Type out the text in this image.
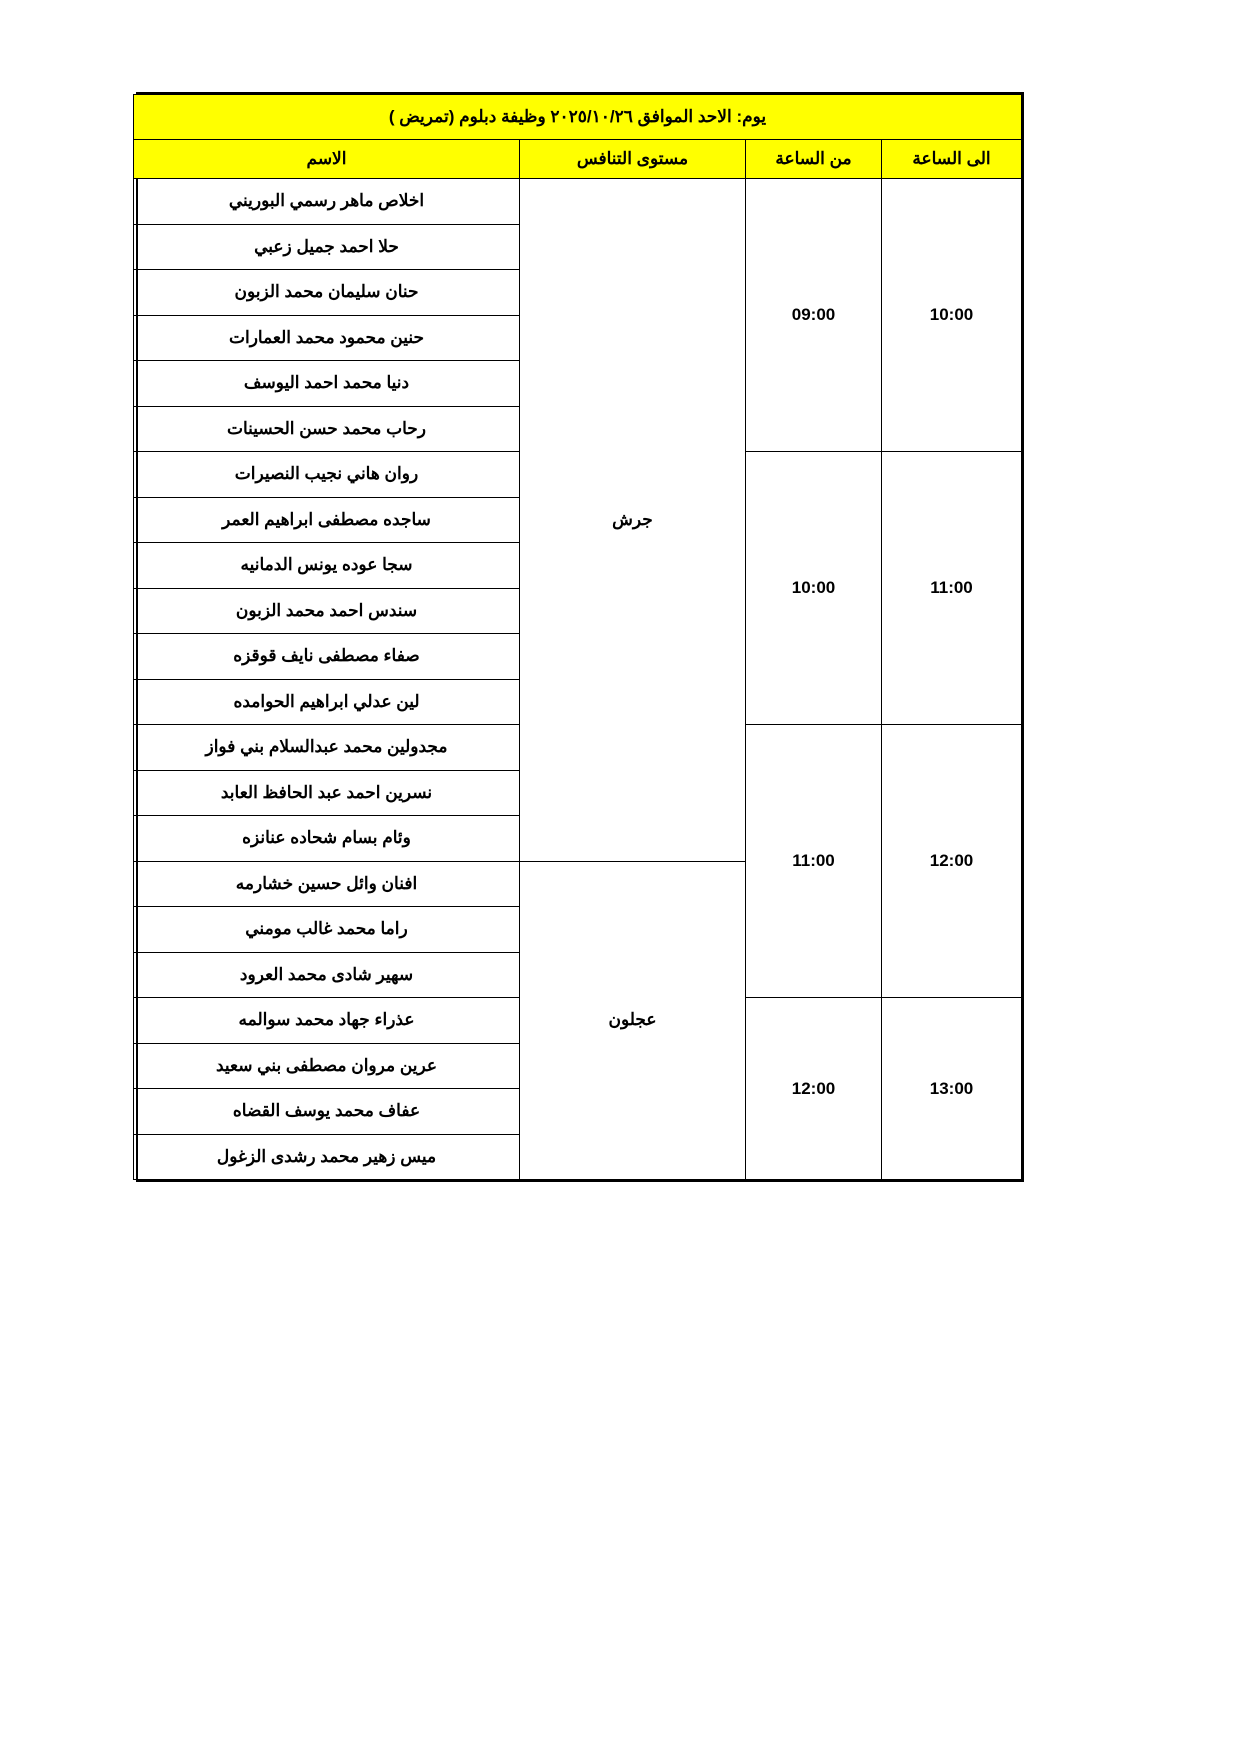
يوم: الاحد الموافق ٢٠٢٥/١٠/٢٦ وظيفة دبلوم (تمريض )			
الى الساعة	من الساعة	مستوى التنافس	الاسم
10:00	09:00	جرش	اخلاص ماهر رسمي البوريني
			حلا احمد جميل زعبي
			حنان سليمان محمد الزبون
			حنين محمود محمد العمارات
			دنيا محمد احمد اليوسف
			رحاب محمد حسن الحسينات
11:00	10:00		روان هاني نجيب النصيرات
			ساجده مصطفى ابراهيم العمر
			سجا عوده يونس الدمانيه
			سندس احمد محمد الزبون
			صفاء مصطفى نايف قوقزه
			لين عدلي ابراهيم الحوامده
12:00	11:00		مجدولين محمد عبدالسلام بني فواز
			نسرين احمد عبد الحافظ العابد
			وئام بسام شحاده عنانزه
		عجلون	افنان وائل حسين خشارمه
			راما محمد غالب مومني
			سهير شادى محمد العرود
13:00	12:00		عذراء جهاد محمد سوالمه
			عرين مروان مصطفى بني سعيد
			عفاف محمد يوسف القضاه
			ميس زهير محمد رشدى الزغول
